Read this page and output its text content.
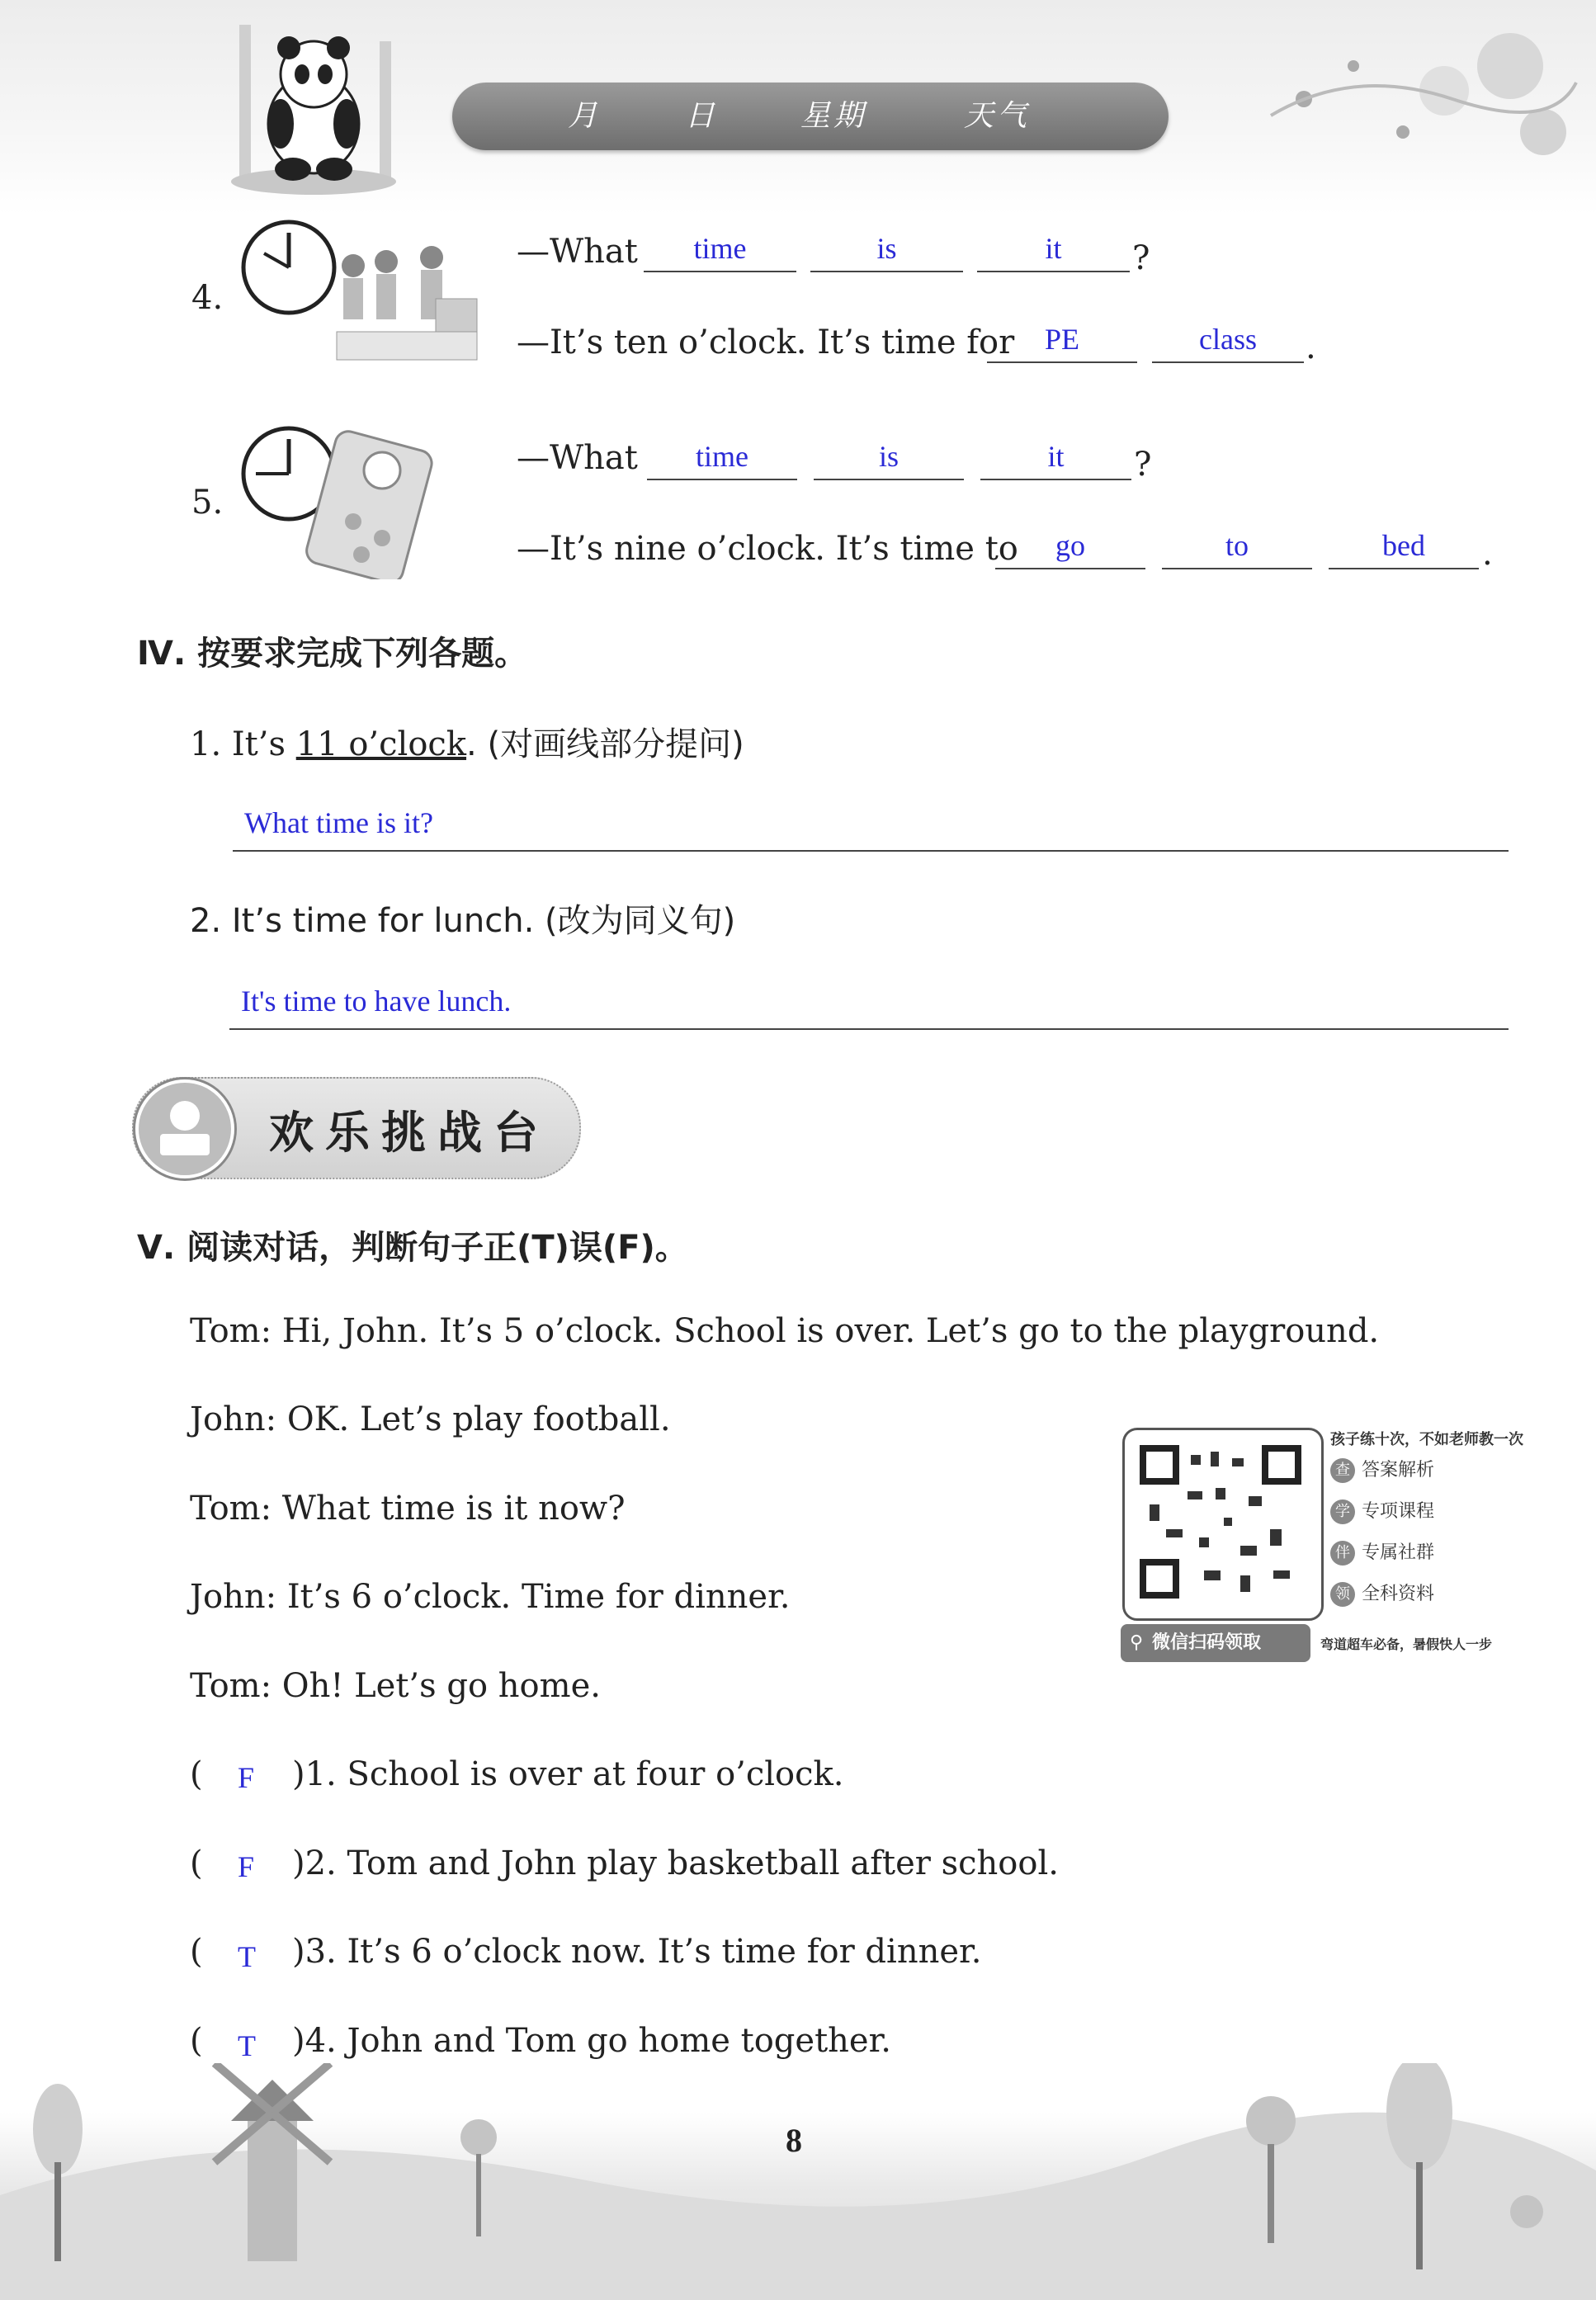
月	日	星期	天气
4.
—What	time	is	it	?
—It’s ten o’clock. It’s time for	PE	class	.
5.
—What	time	is	it	?
—It’s nine o’clock. It’s time to	go	to	bed	.
Ⅳ. 按要求完成下列各题。
1. It’s 11 o’clock. (对画线部分提问)
What time is it?
2. It’s time for lunch. (改为同义句)
It's time to have lunch.
欢乐挑战台
Ⅴ. 阅读对话，判断句子正(T)误(F)。
Tom: Hi, John. It’s 5 o’clock. School is over. Let’s go to the playground.
John: OK. Let’s play football.
Tom: What time is it now?
John: It’s 6 o’clock. Time for dinner.
Tom: Oh! Let’s go home.
( F )1. School is over at four o’clock.
( F )2. Tom and John play basketball after school.
( T )3. It’s 6 o’clock now. It’s time for dinner.
( T )4. John and Tom go home together.
孩子练十次，不如老师教一次
查 答案解析
学 专项课程
伴 专属社群
领 全科资料
⚲ 微信扫码领取	弯道超车必备，暑假快人一步
8
